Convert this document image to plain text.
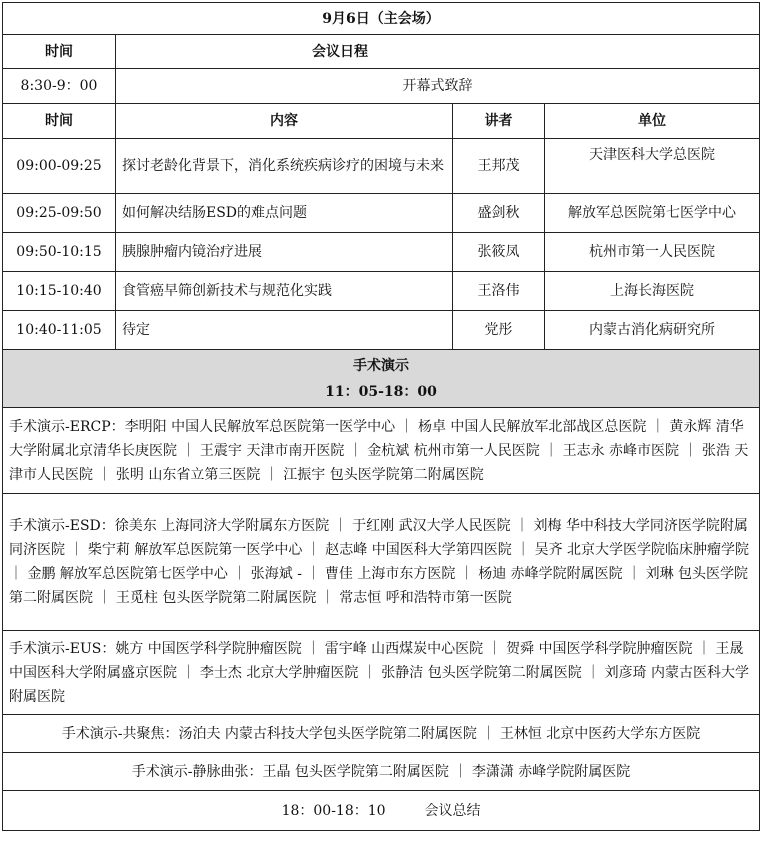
9月6日（主会场）			
时间	会议日程		
8:30-9：00	开幕式致辞		
时间	内容	讲者	单位
09:00-09:25	探讨老龄化背景下，消化系统疾病诊疗的困境与未来	王邦茂	天津医科大学总医院
09:25-09:50	如何解决结肠ESD的难点问题	盛剑秋	解放军总医院第七医学中心
09:50-10:15	胰腺肿瘤内镜治疗进展	张筱凤	杭州市第一人民医院
10:15-10:40	食管癌早筛创新技术与规范化实践	王洛伟	上海长海医院
10:40-11:05	待定	党彤	内蒙古消化病研究所

手术演示
11：05-18：00			

手术演示-ERCP：李明阳 中国人民解放军总医院第一医学中心 ｜ 杨卓 中国人民解放军北部战区总医院 ｜ 黄永辉 清华大学附属北京清华长庚医院 ｜ 王震宇 天津市南开医院 ｜ 金杭斌 杭州市第一人民医院 ｜ 王志永 赤峰市医院 ｜ 张浩 天津市人民医院 ｜ 张明 山东省立第三医院 ｜ 江振宇 包头医学院第二附属医院			
手术演示-ESD：徐美东 上海同济大学附属东方医院 ｜ 于红刚 武汉大学人民医院 ｜ 刘梅 华中科技大学同济医学院附属同济医院 ｜ 柴宁莉 解放军总医院第一医学中心 ｜ 赵志峰 中国医科大学第四医院 ｜ 吴齐 北京大学医学院临床肿瘤学院 ｜ 金鹏 解放军总医院第七医学中心 ｜ 张海斌 - ｜ 曹佳 上海市东方医院 ｜ 杨迪 赤峰学院附属医院 ｜ 刘琳 包头医学院第二附属医院 ｜ 王觅柱 包头医学院第二附属医院 ｜ 常志恒 呼和浩特市第一医院			
手术演示-EUS：姚方 中国医学科学院肿瘤医院 ｜ 雷宇峰 山西煤炭中心医院 ｜ 贺舜 中国医学科学院肿瘤医院 ｜ 王晟 中国医科大学附属盛京医院 ｜ 李士杰 北京大学肿瘤医院 ｜ 张静洁 包头医学院第二附属医院 ｜ 刘彦琦 内蒙古医科大学附属医院			
手术演示-共聚焦：汤泊夫 内蒙古科技大学包头医学院第二附属医院 ｜ 王林恒 北京中医药大学东方医院			
手术演示-静脉曲张：王晶 包头医学院第二附属医院 ｜ 李潇潇 赤峰学院附属医院			
18：00-18：10 会议总结			
